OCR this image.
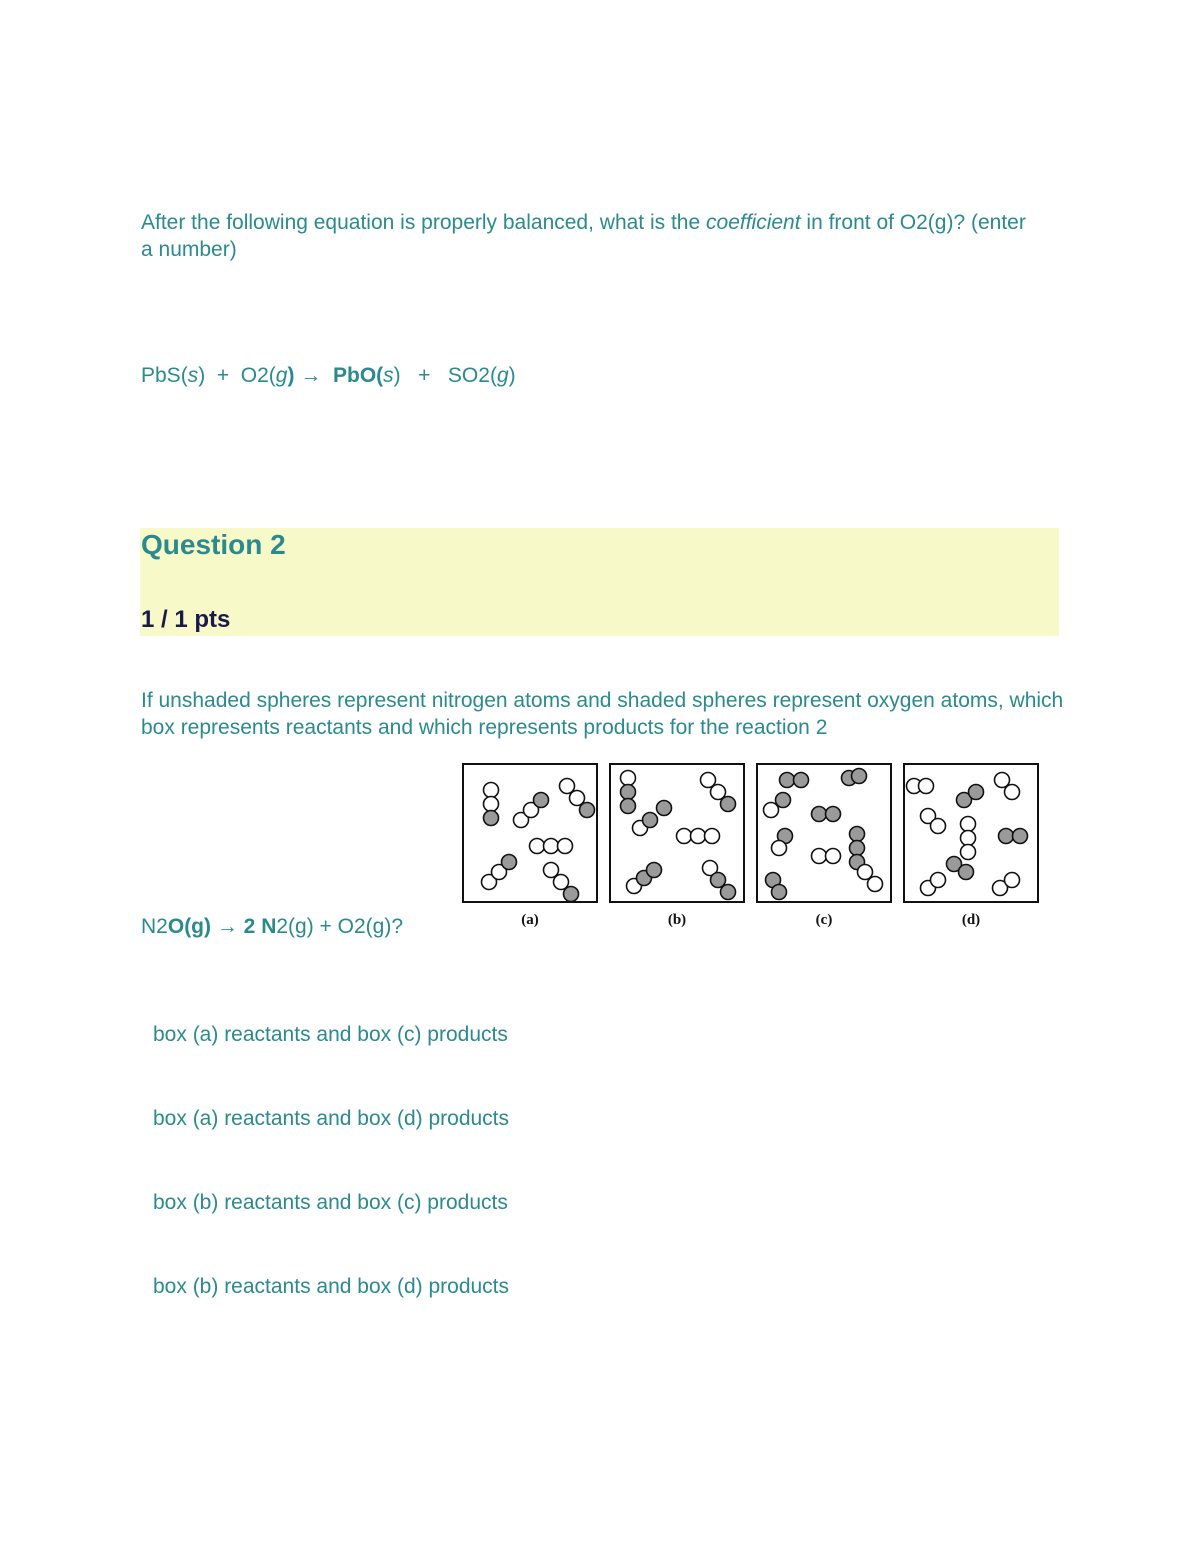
After the following equation is properly balanced, what is the coefficient in front of O2(g)? (enter a number)
PbS(s)  +  O2(g) →  PbO(s)   +   SO2(g)
Question 2
1 / 1 pts
If unshaded spheres represent nitrogen atoms and shaded spheres represent oxygen atoms, which box represents reactants and which represents products for the reaction 2
(a)	(b)	(c)	(d)
N2O(g) → 2 N2(g) + O2(g)?
box (a) reactants and box (c) products
box (a) reactants and box (d) products
box (b) reactants and box (c) products
box (b) reactants and box (d) products
